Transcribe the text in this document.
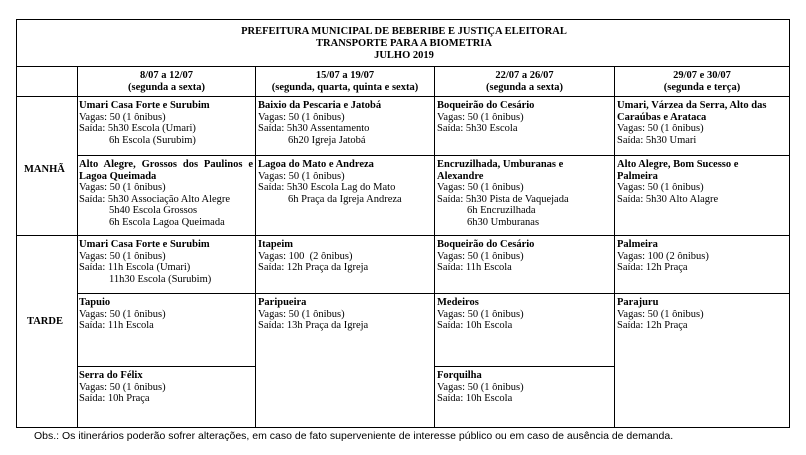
PREFEITURA MUNICIPAL DE BEBERIBE E JUSTIÇA ELEITORAL
TRANSPORTE PARA A BIOMETRIA
JULHO 2019
8/07 a 12/07
(segunda a sexta)
15/07 a 19/07
(segunda, quarta, quinta e sexta)
22/07 a 26/07
(segunda a sexta)
29/07 e 30/07
(segunda e terça)
MANHÃ
TARDE
Umari Casa Forte e Surubim
Vagas: 50 (1 ônibus)
Saída: 5h30 Escola (Umari)
6h Escola (Surubim)
Alto Alegre, Grossos dos Paulinos e Lagoa Queimada
Vagas: 50 (1 ônibus)
Saída: 5h30 Associação Alto Alegre
5h40 Escola Grossos
6h Escola Lagoa Queimada
Baixio da Pescaria e Jatobá
Vagas: 50 (1 ônibus)
Saída: 5h30 Assentamento
6h20 Igreja Jatobá
Lagoa do Mato e Andreza
Vagas: 50 (1 ônibus)
Saída: 5h30 Escola Lag do Mato
6h Praça da Igreja Andreza
Boqueirão do Cesário
Vagas: 50 (1 ônibus)
Saída: 5h30 Escola
Encruzilhada, Umburanas e Alexandre
Vagas: 50 (1 ônibus)
Saída: 5h30 Pista de Vaquejada
6h Encruzilhada
6h30 Umburanas
Umari, Várzea da Serra, Alto das Caraúbas e Arataca
Vagas: 50 (1 ônibus)
Saída: 5h30 Umari
Alto Alegre, Bom Sucesso e Palmeira
Vagas: 50 (1 ônibus)
Saída: 5h30 Alto Alagre
Umari Casa Forte e Surubim
Vagas: 50 (1 ônibus)
Saída: 11h Escola (Umari)
11h30 Escola (Surubim)
Tapuio
Vagas: 50 (1 ônibus)
Saída: 11h Escola
Serra do Félix
Vagas: 50 (1 ônibus)
Saída: 10h Praça
Itapeim
Vagas: 100  (2 ônibus)
Saída: 12h Praça da Igreja
Paripueira
Vagas: 50 (1 ônibus)
Saída: 13h Praça da Igreja
Boqueirão do Cesário
Vagas: 50 (1 ônibus)
Saída: 11h Escola
Medeiros
Vagas: 50 (1 ônibus)
Saída: 10h Escola
Forquilha
Vagas: 50 (1 ônibus)
Saída: 10h Escola
Palmeira
Vagas: 100 (2 ônibus)
Saída: 12h Praça
Parajuru
Vagas: 50 (1 ônibus)
Saída: 12h Praça
Obs.: Os itinerários poderão sofrer alterações, em caso de fato superveniente de interesse público ou em caso de ausência de demanda.
